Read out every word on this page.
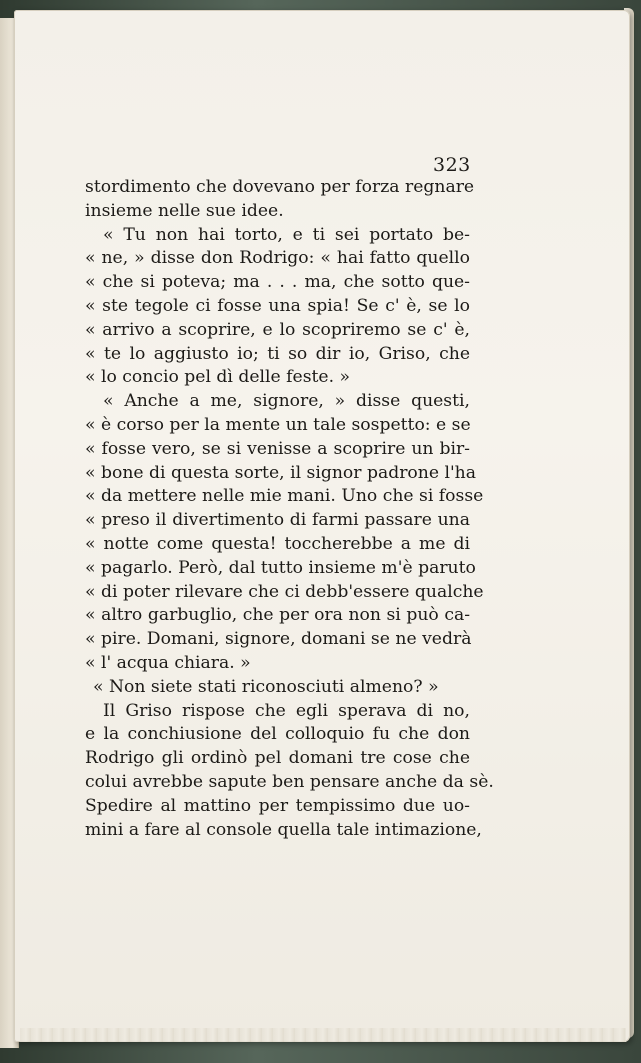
323
stordimento che dovevano per forza regnare
insieme nelle sue idee.
« Tu non hai torto, e ti sei portato be-
« ne, » disse don Rodrigo: « hai fatto quello
« che si poteva; ma . . . ma, che sotto que-
« ste tegole ci fosse una spia! Se c' è, se lo
« arrivo a scoprire, e lo scopriremo se c' è,
« te lo aggiusto io; ti so dir io, Griso, che
« lo concio pel dì delle feste. »
« Anche a me, signore, » disse questi,
« è corso per la mente un tale sospetto: e se
« fosse vero, se si venisse a scoprire un bir-
« bone di questa sorte, il signor padrone l'ha
« da mettere nelle mie mani. Uno che si fosse
« preso il divertimento di farmi passare una
« notte come questa! toccherebbe a me di
« pagarlo. Però, dal tutto insieme m'è paruto
« di poter rilevare che ci debb'essere qualche
« altro garbuglio, che per ora non si può ca-
« pire. Domani, signore, domani se ne vedrà
« l' acqua chiara. »
« Non siete stati riconosciuti almeno? »
Il Griso rispose che egli sperava di no,
e la conchiusione del colloquio fu che don
Rodrigo gli ordinò pel domani tre cose che
colui avrebbe sapute ben pensare anche da sè.
Spedire al mattino per tempissimo due uo-
mini a fare al console quella tale intimazione,
